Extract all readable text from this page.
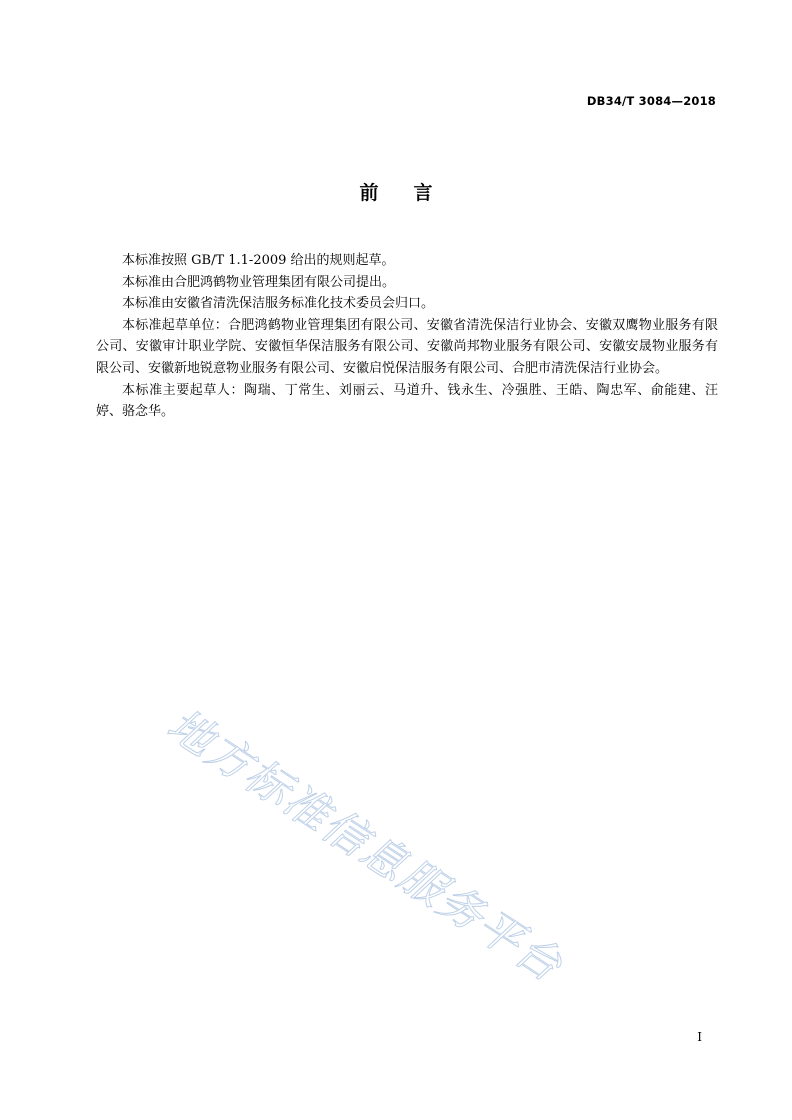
DB34/T 3084—2018
前 言

本标准按照 GB/T 1.1-2009 给出的规则起草。

本标准由合肥鸿鹤物业管理集团有限公司提出。

本标准由安徽省清洗保洁服务标准化技术委员会归口。

本标准起草单位：合肥鸿鹤物业管理集团有限公司、安徽省清洗保洁行业协会、安徽双鹰物业服务有限公司、安徽审计职业学院、安徽恒华保洁服务有限公司、安徽尚邦物业服务有限公司、安徽安晟物业服务有限公司、安徽新地锐意物业服务有限公司、安徽启悦保洁服务有限公司、合肥市清洗保洁行业协会。

本标准主要起草人：陶瑞、丁常生、刘丽云、马道升、钱永生、冷强胜、王皓、陶忠军、俞能建、汪婷、骆念华。

地方标准信息服务平台
I
